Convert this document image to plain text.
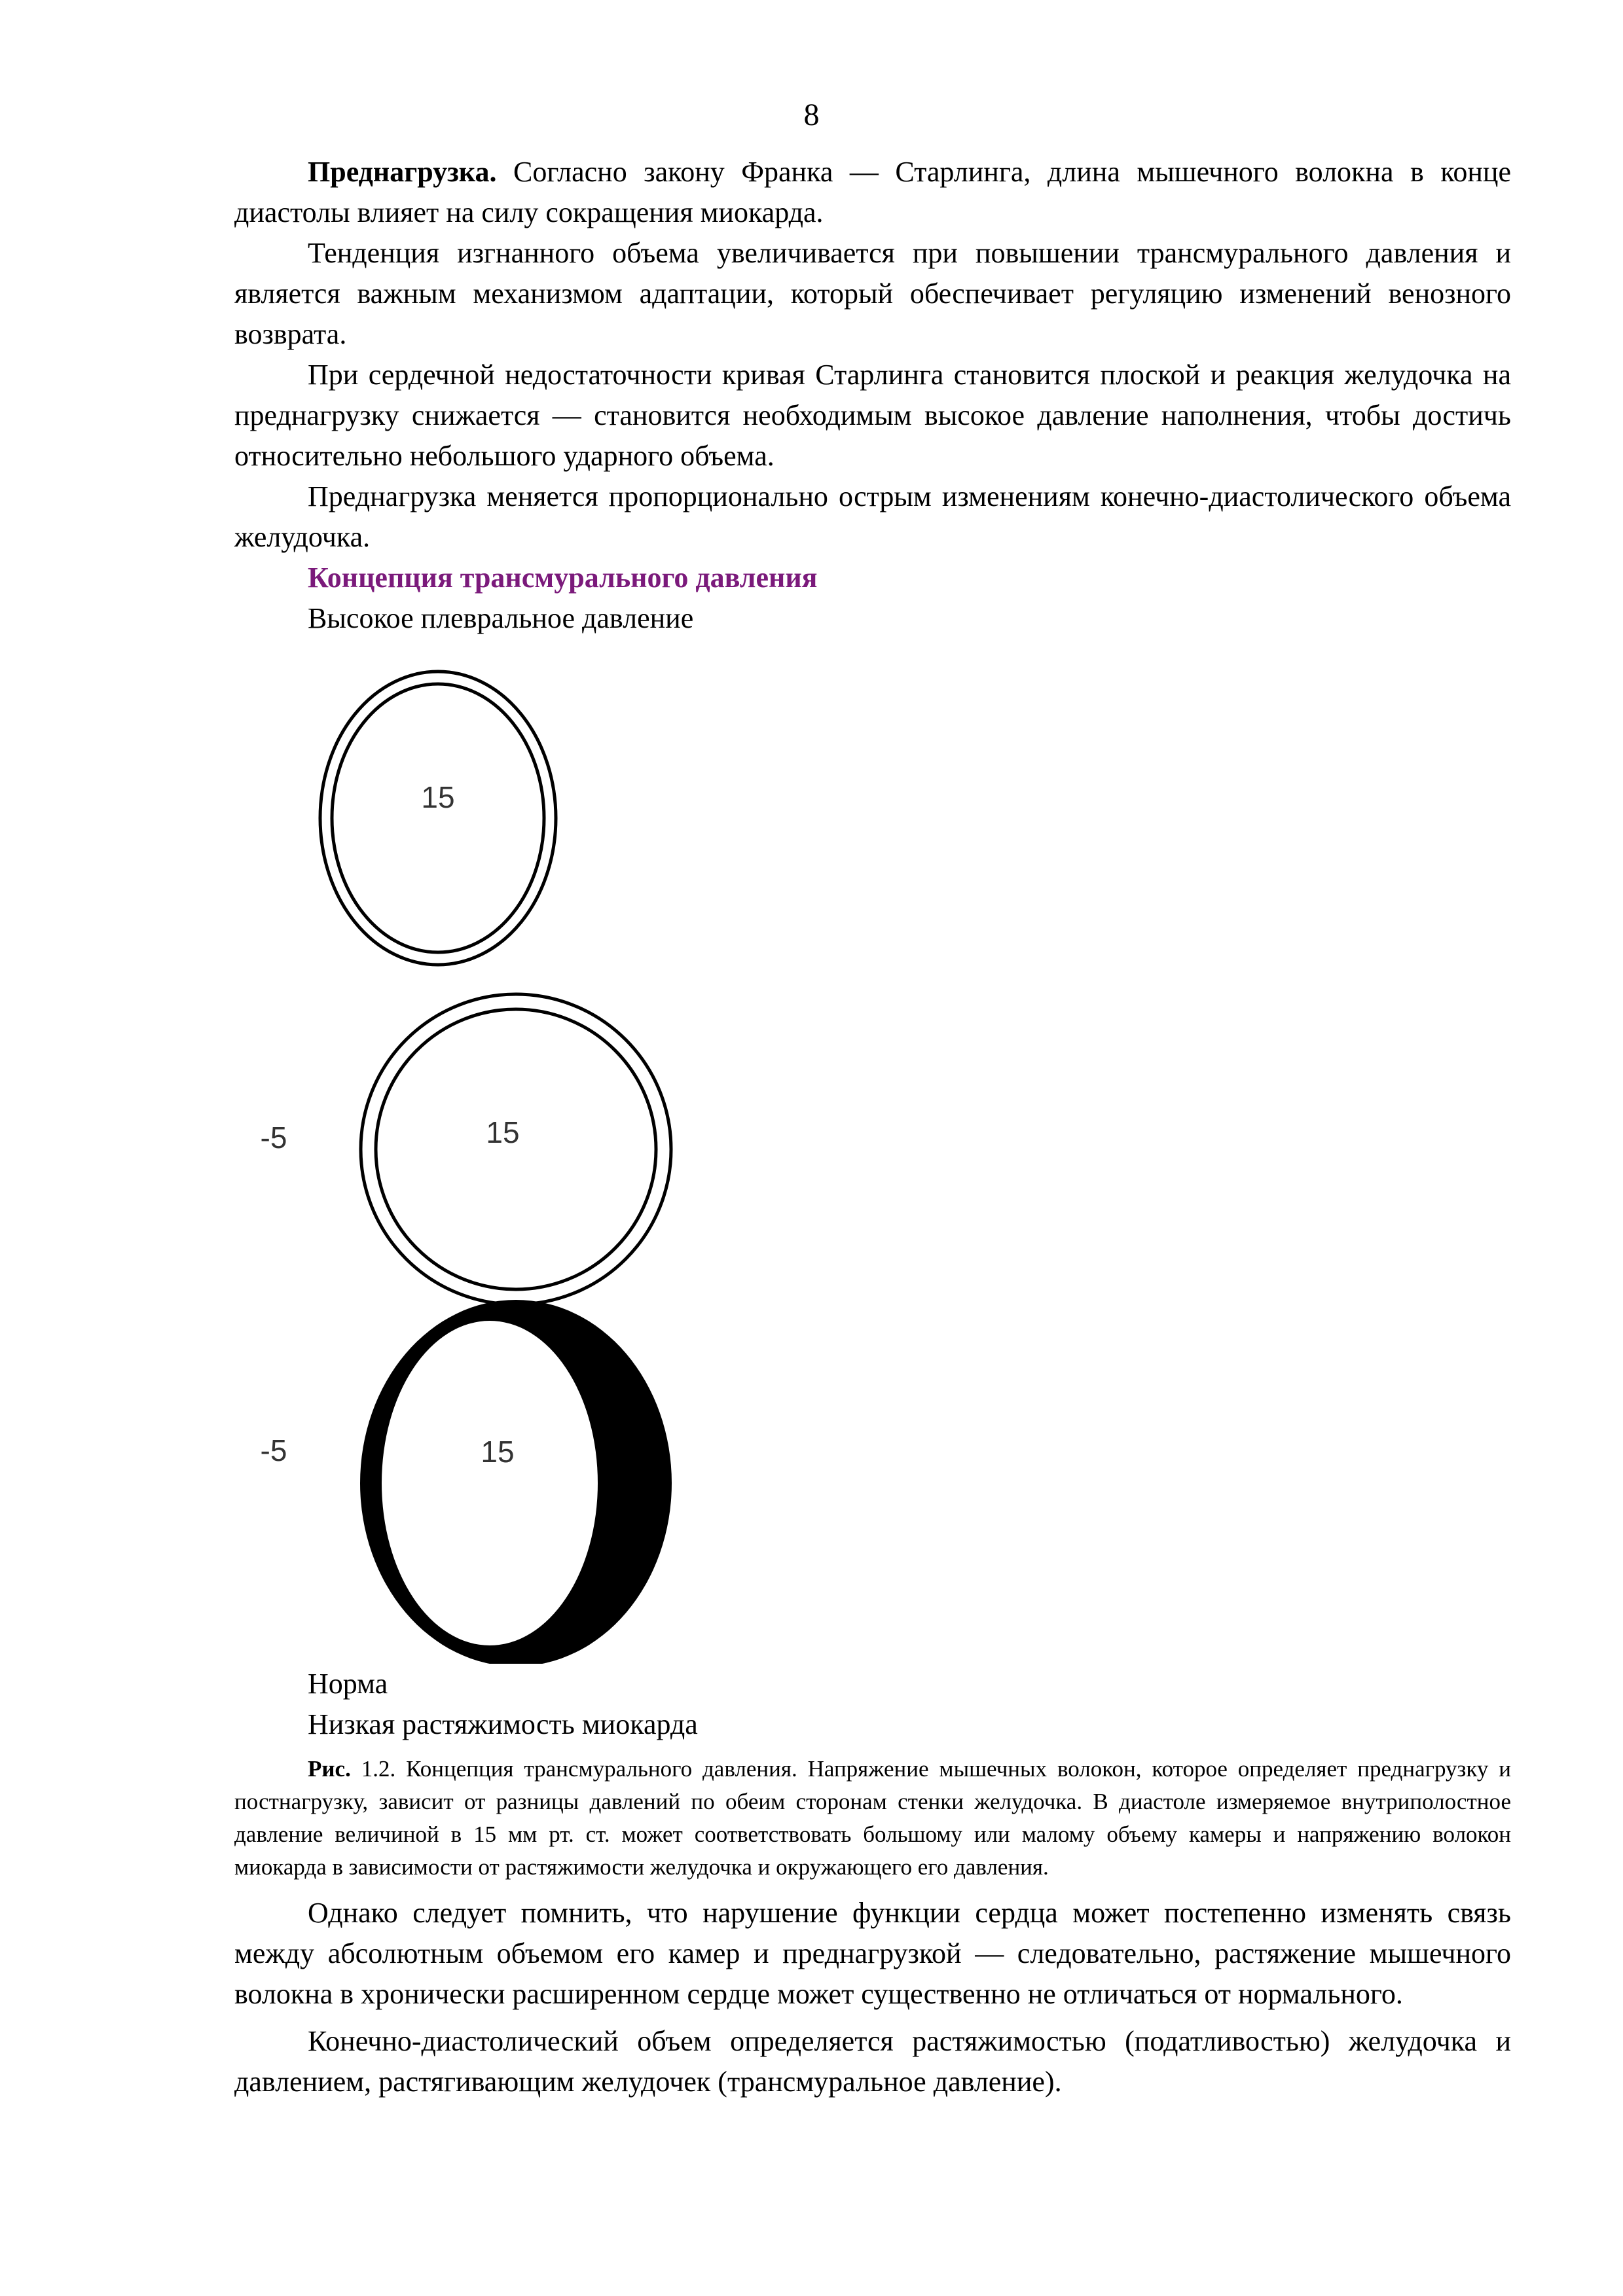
8

Преднагрузка. Согласно закону Франка — Старлинга, длина мышечного волокна в конце диастолы влияет на силу сокращения миокарда.

Тенденция изгнанного объема увеличивается при повышении трансмурального давления и является важным механизмом адаптации, который обеспечивает регуляцию изменений венозного возврата.

При сердечной недостаточности кривая Старлинга становится плоской и реакция желудочка на преднагрузку снижается — становится необходимым высокое давление наполнения, чтобы достичь относительно небольшого ударного объема.

Преднагрузка меняется пропорционально острым изменениям конечно-диастолического объема желудочка.

Концепция трансмурального давления

Высокое плевральное давление

15
-5	15
-5	15

Норма

Низкая растяжимость миокарда

Рис. 1.2. Концепция трансмурального давления. Напряжение мышечных волокон, которое определяет преднагрузку и постнагрузку, зависит от разницы давлений по обеим сторонам стенки желудочка. В диастоле измеряемое внутриполостное давление величиной в 15 мм рт. ст. может соответствовать большому или малому объему камеры и напряжению волокон миокарда в зависимости от растяжимости желудочка и окружающего его давления.

Однако следует помнить, что нарушение функции сердца может постепенно изменять связь между абсолютным объемом его камер и преднагрузкой — следовательно, растяжение мышечного волокна в хронически расширенном сердце может существенно не отличаться от нормального.

Конечно-диастолический объем определяется растяжимостью (податливостью) желудочка и давлением, растягивающим желудочек (трансмуральное давление).
